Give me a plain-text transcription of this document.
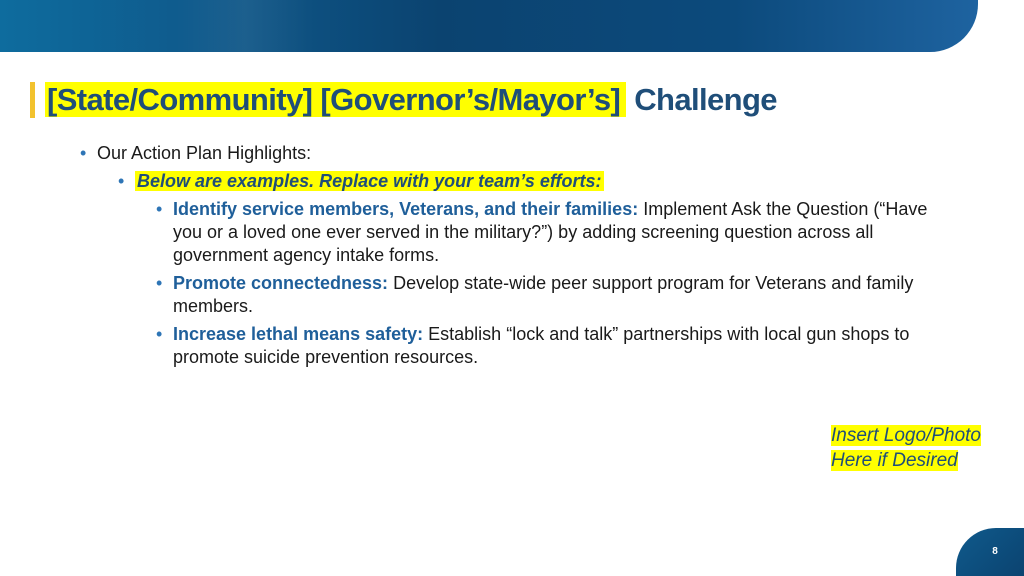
[State/Community] [Governor’s/Mayor’s] Challenge
• Our Action Plan Highlights:
• Below are examples. Replace with your team’s efforts:
• Identify service members, Veterans, and their families: Implement Ask the Question (“Have you or a loved one ever served in the military?”) by adding screening question across all government agency intake forms.
• Promote connectedness: Develop state-wide peer support program for Veterans and family members.
• Increase lethal means safety: Establish “lock and talk” partnerships with local gun shops to promote suicide prevention resources.
Insert Logo/Photo
Here if Desired
8
